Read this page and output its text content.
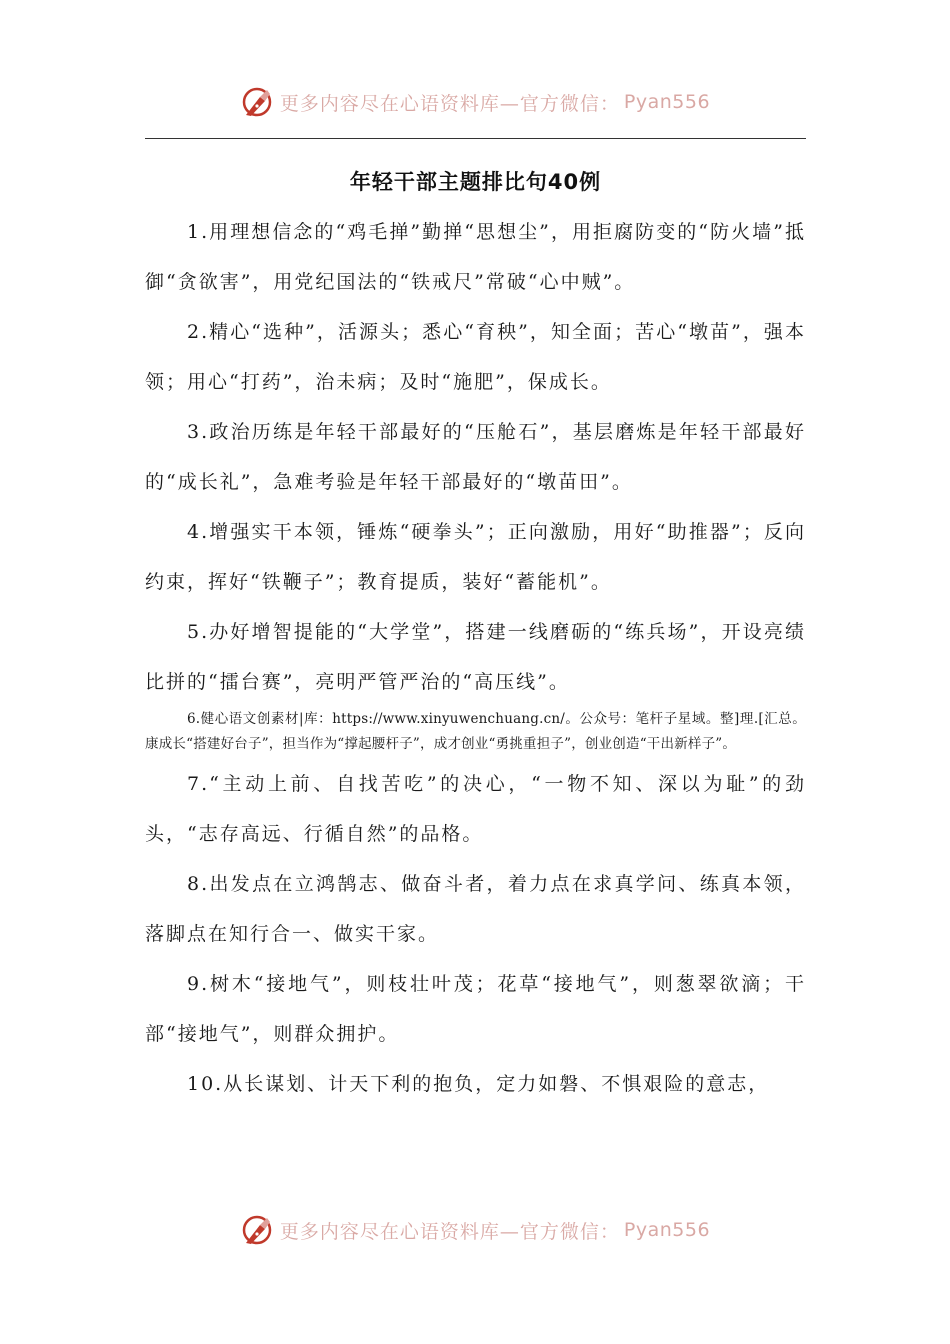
更多内容尽在心语资料库—官方微信： Pyan556
年轻干部主题排比句40例

1.用理想信念的“鸡毛掸”勤掸“思想尘”，用拒腐防变的“防火墙”抵御“贪欲害”，用党纪国法的“铁戒尺”常破“心中贼”。

2.精心“选种”，活源头；悉心“育秧”，知全面；苦心“墩苗”，强本领；用心“打药”，治未病；及时“施肥”，保成长。

3.政治历练是年轻干部最好的“压舱石”，基层磨炼是年轻干部最好的“成长礼”，急难考验是年轻干部最好的“墩苗田”。

4.增强实干本领，锤炼“硬拳头”；正向激励，用好“助推器”；反向约束，挥好“铁鞭子”；教育提质，装好“蓄能机”。

5.办好增智提能的“大学堂”，搭建一线磨砺的“练兵场”，开设亮绩比拼的“擂台赛”，亮明严管严治的“高压线”。

6.健心语文创素材|库：https://www.xinyuwenchuang.cn/。公众号：笔杆子星域。整]理.[汇总。康成长“搭建好台子”，担当作为“撑起腰杆子”，成才创业“勇挑重担子”，创业创造“干出新样子”。

7.“主动上前、自找苦吃”的决心，“一物不知、深以为耻”的劲头，“志存高远、行循自然”的品格。

8.出发点在立鸿鹄志、做奋斗者，着力点在求真学问、练真本领，落脚点在知行合一、做实干家。

9.树木“接地气”，则枝壮叶茂；花草“接地气”，则葱翠欲滴；干部“接地气”，则群众拥护。

10.从长谋划、计天下利的抱负，定力如磐、不惧艰险的意志，

更多内容尽在心语资料库—官方微信： Pyan556
